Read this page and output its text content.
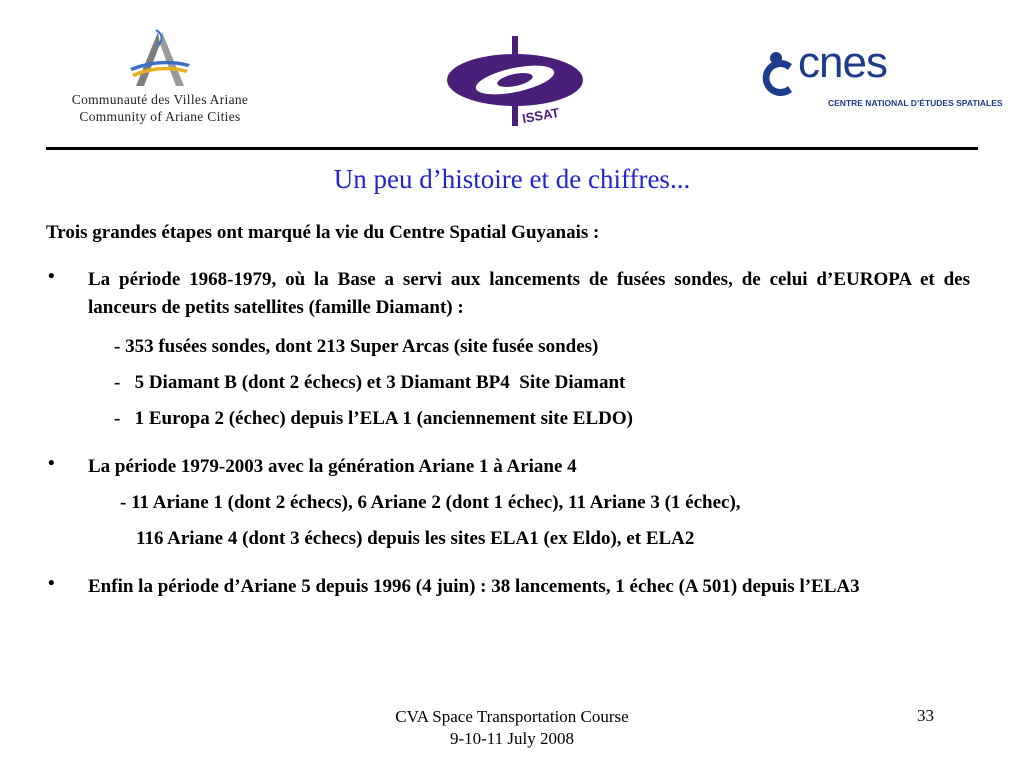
Communauté des Villes Ariane
Community of Ariane Cities	ISSAT
cnes
CENTRE NATIONAL D’ÉTUDES SPATIALES
Un peu d’histoire et de chiffres...
Trois grandes étapes ont marqué la vie du Centre Spatial Guyanais :
• La période 1968-1979, où la Base a servi aux lancements de fusées sondes, de celui d’EUROPA et des lanceurs de petits satellites (famille Diamant) :
- 353 fusées sondes, dont 213 Super Arcas (site fusée sondes)
-   5 Diamant B (dont 2 échecs) et 3 Diamant BP4  Site Diamant
-   1 Europa 2 (échec) depuis l’ELA 1 (anciennement site ELDO)
• La période 1979-2003 avec la génération Ariane 1 à Ariane 4
- 11 Ariane 1 (dont 2 échecs), 6 Ariane 2 (dont 1 échec), 11 Ariane 3 (1 échec),
116 Ariane 4 (dont 3 échecs) depuis les sites ELA1 (ex Eldo), et ELA2
• Enfin la période d’Ariane 5 depuis 1996 (4 juin) : 38 lancements, 1 échec (A 501) depuis l’ELA3
CVA Space Transportation Course
9-10-11 July 2008
33
